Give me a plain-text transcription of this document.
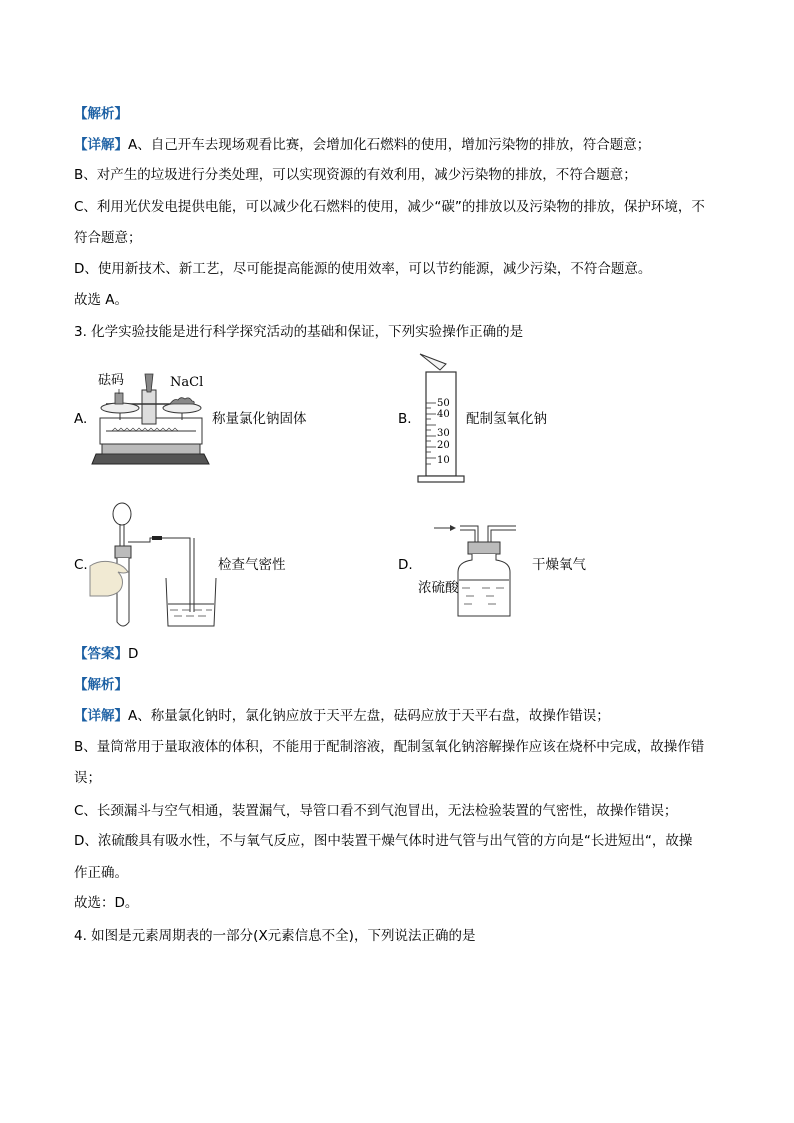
【解析】
【详解】A、自己开车去现场观看比赛，会增加化石燃料的使用，增加污染物的排放，符合题意；
B、对产生的垃圾进行分类处理，可以实现资源的有效利用，减少污染物的排放，不符合题意；
C、利用光伏发电提供电能，可以减少化石燃料的使用，减少“碳”的排放以及污染物的排放，保护环境，不
符合题意；
D、使用新技术、新工艺，尽可能提高能源的使用效率，可以节约能源，减少污染，不符合题意。
故选 A。
3. 化学实验技能是进行科学探究活动的基础和保证，下列实验操作正确的是
A.
砝码	NaCl
称量氯化钠固体	B.
50
40
30
20
10
配制氢氧化钠
C.	检查气密性	D.
浓硫酸
干燥氧气
【答案】D
【解析】
【详解】A、称量氯化钠时，氯化钠应放于天平左盘，砝码应放于天平右盘，故操作错误；
B、量筒常用于量取液体的体积，不能用于配制溶液，配制氢氧化钠溶解操作应该在烧杯中完成，故操作错
误；
C、长颈漏斗与空气相通，装置漏气，导管口看不到气泡冒出，无法检验装置的气密性，故操作错误；
D、浓硫酸具有吸水性，不与氧气反应，图中装置干燥气体时进气管与出气管的方向是“长进短出“，故操
作正确。
故选：D。
4. 如图是元素周期表的一部分(X元素信息不全)，下列说法正确的是
